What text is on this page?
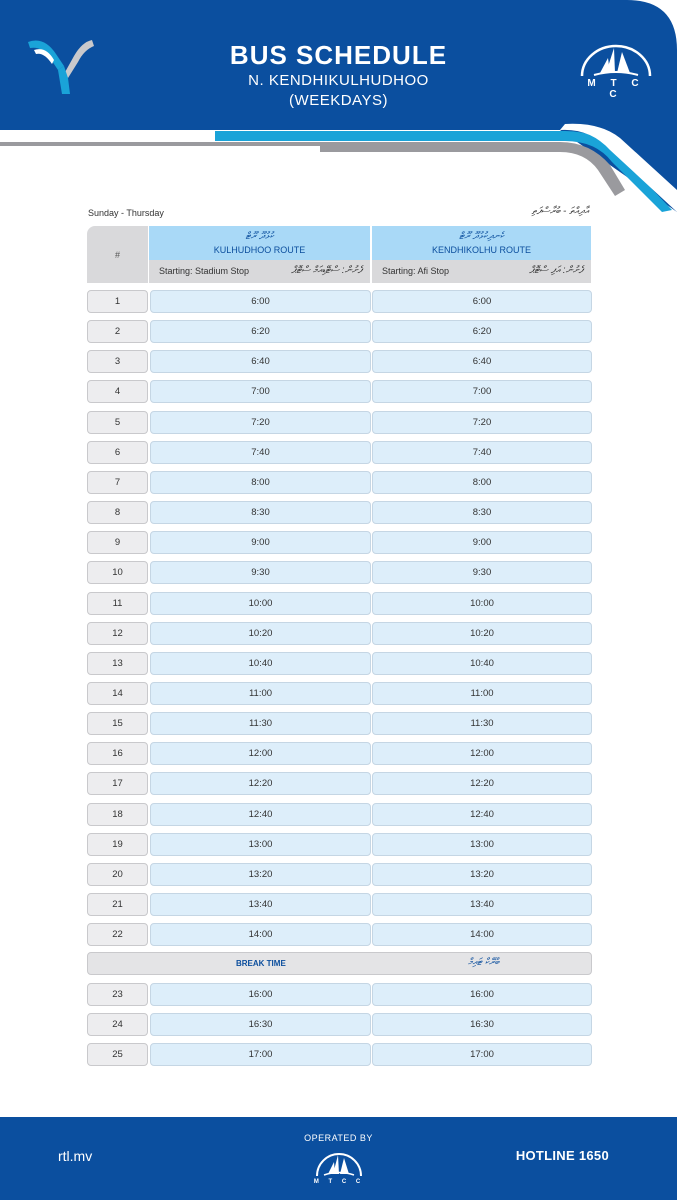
BUS SCHEDULE
N. KENDHIKULHUDHOO
(WEEKDAYS)
M T C C
Sunday - Thursday	އާދިއްތަ - ބުރާސްފަތި
#
ކުޅުދޫ ރޫޓް
KULHUDHOO ROUTE
ކެނދިކުޅުދޫ ރޫޓް
KENDHIKOLHU ROUTE
Starting: Stadium Stop	ފެށުން: ސްޓޭޑިއަމް ސްޓޮޕް Starting: Afi Stop	ފެށުން: އަފި ސްޓޮޕް
1	6:00	6:00
2	6:20	6:20
3	6:40	6:40
4	7:00	7:00
5	7:20	7:20
6	7:40	7:40
7	8:00	8:00
8	8:30	8:30
9	9:00	9:00
10	9:30	9:30
11	10:00	10:00
12	10:20	10:20
13	10:40	10:40
14	11:00	11:00
15	11:30	11:30
16	12:00	12:00
17	12:20	12:20
18	12:40	12:40
19	13:00	13:00
20	13:20	13:20
21	13:40	13:40
22	14:00	14:00
BREAK TIME	ބްރޭކް ޓައިމް
23	16:00	16:00
24	16:30	16:30
25	17:00	17:00
rtl.mv
OPERATED BY
M T C C
HOTLINE 1650
